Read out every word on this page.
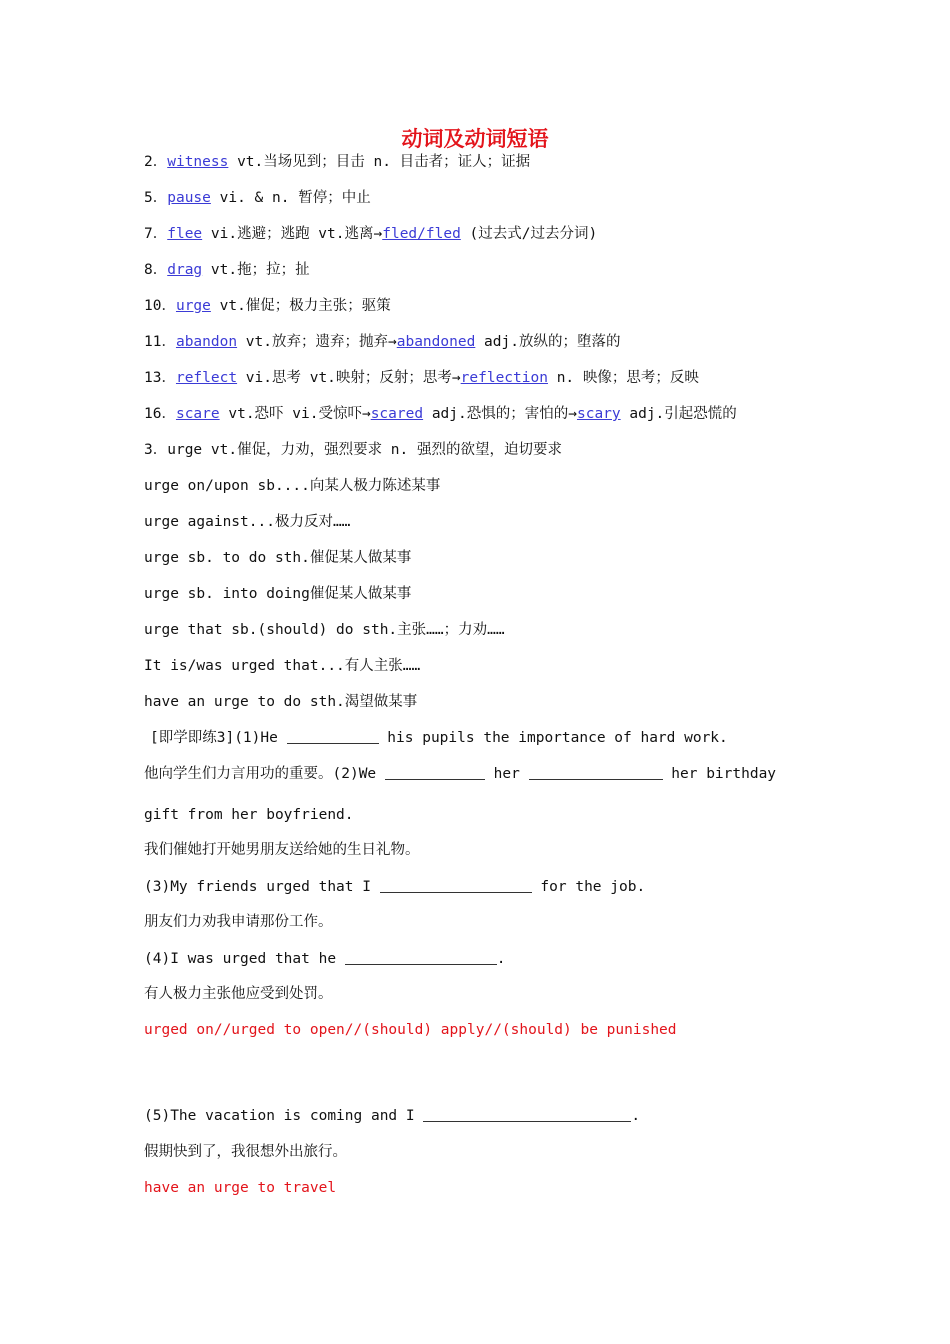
动词及动词短语
2．witness vt.当场见到；目击 n. 目击者；证人；证据
5．pause vi. & n. 暂停；中止
7．flee vi.逃避；逃跑 vt.逃离→fled/fled (过去式/过去分词)
8．drag vt.拖；拉；扯
10．urge vt.催促；极力主张；驱策
11．abandon vt.放弃；遗弃；抛弃→abandoned adj.放纵的；堕落的
13．reflect vi.思考 vt.映射；反射；思考→reflection n. 映像；思考；反映
16．scare vt.恐吓 vi.受惊吓→scared adj.恐惧的；害怕的→scary adj.引起恐慌的
3．urge vt.催促，力劝，强烈要求 n. 强烈的欲望，迫切要求
urge on/upon sb....向某人极力陈述某事
urge against...极力反对……
urge sb. to do sth.催促某人做某事
urge sb. into doing催促某人做某事
urge that sb.(should) do sth.主张……；力劝……
It is/was urged that...有人主张……
have an urge to do sth.渴望做某事
[即学即练3](1)He	his pupils the importance of hard work.
他向学生们力言用功的重要。(2)We	her	her birthday
gift from her boyfriend.
我们催她打开她男朋友送给她的生日礼物。
(3)My friends urged that I	for the job.
朋友们力劝我申请那份工作。
(4)I was urged that he	.
有人极力主张他应受到处罚。
urged on//urged to open//(should) apply//(should) be punished
(5)The vacation is coming and I	.
假期快到了，我很想外出旅行。
have an urge to travel
